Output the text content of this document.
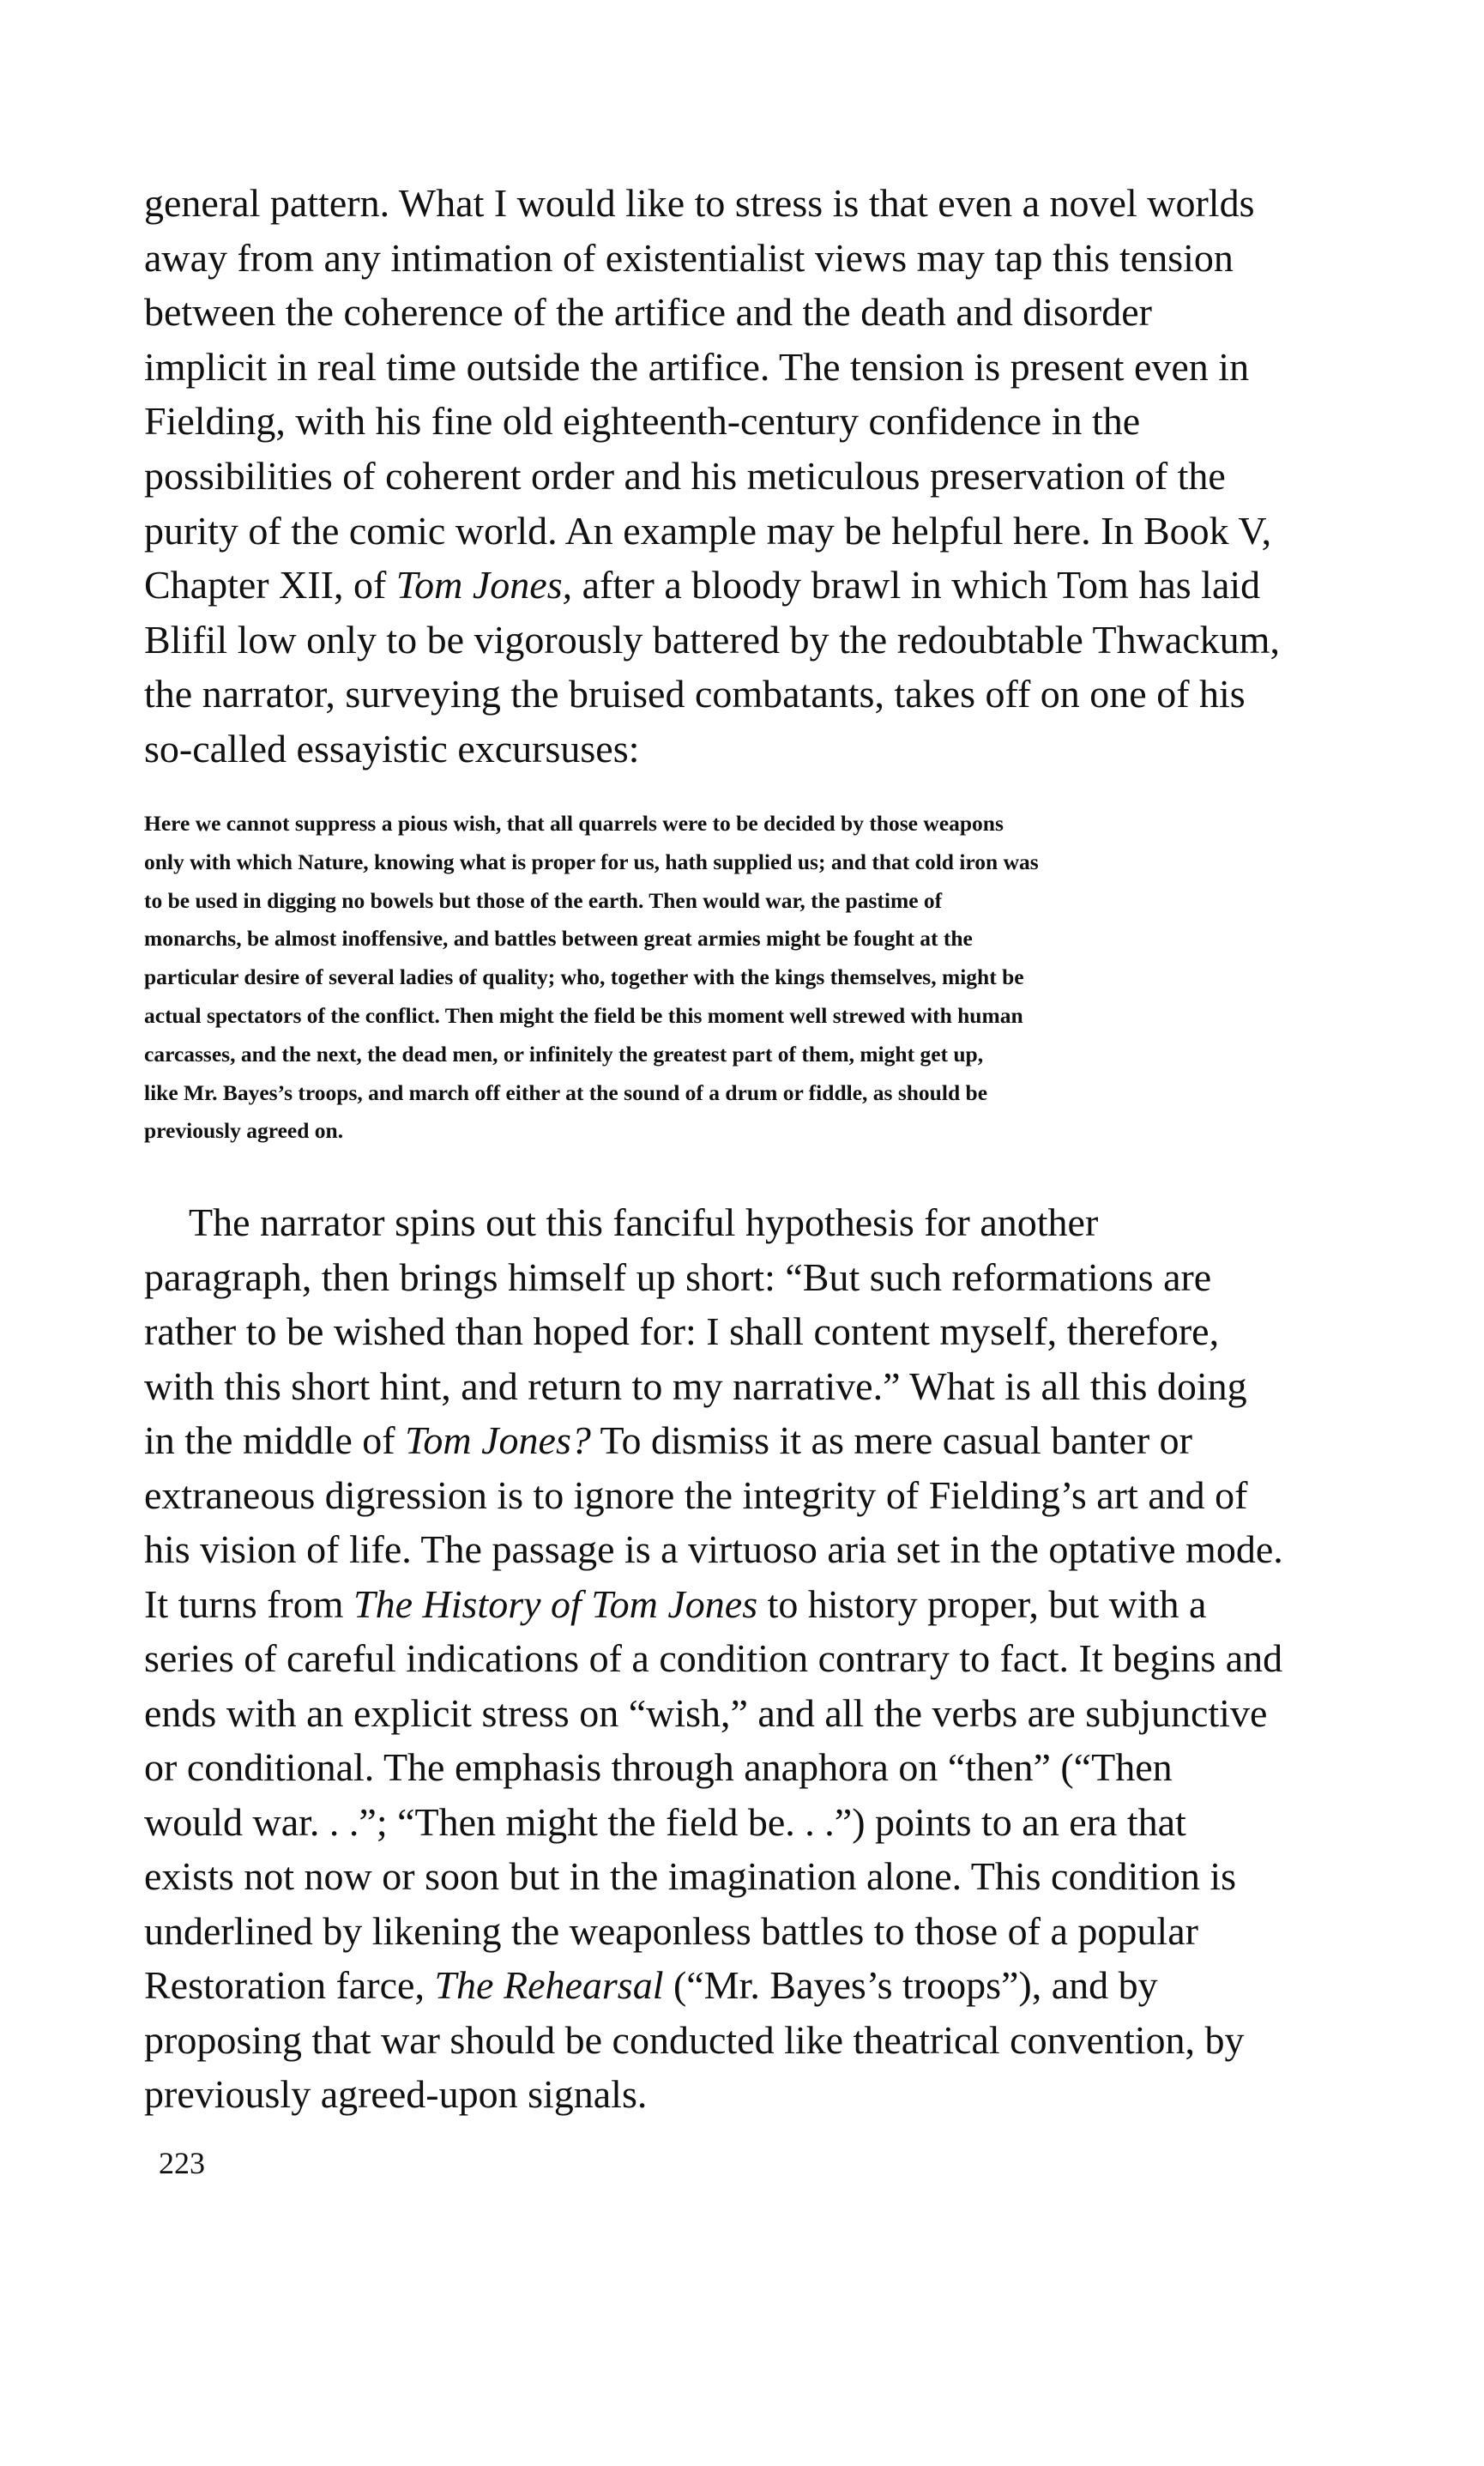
general pattern. What I would like to stress is that even a novel worlds
away from any intimation of existentialist views may tap this tension
between the coherence of the artifice and the death and disorder
implicit in real time outside the artifice. The tension is present even in
Fielding, with his fine old eighteenth-century confidence in the
possibilities of coherent order and his meticulous preservation of the
purity of the comic world. An example may be helpful here. In Book V,
Chapter XII, of Tom Jones, after a bloody brawl in which Tom has laid
Blifil low only to be vigorously battered by the redoubtable Thwackum,
the narrator, surveying the bruised combatants, takes off on one of his
so-called essayistic excursuses:
Here we cannot suppress a pious wish, that all quarrels were to be decided by those weapons
only with which Nature, knowing what is proper for us, hath supplied us; and that cold iron was
to be used in digging no bowels but those of the earth. Then would war, the pastime of
monarchs, be almost inoffensive, and battles between great armies might be fought at the
particular desire of several ladies of quality; who, together with the kings themselves, might be
actual spectators of the conflict. Then might the field be this moment well strewed with human
carcasses, and the next, the dead men, or infinitely the greatest part of them, might get up,
like Mr. Bayes’s troops, and march off either at the sound of a drum or fiddle, as should be
previously agreed on.
The narrator spins out this fanciful hypothesis for another
paragraph, then brings himself up short: “But such reformations are
rather to be wished than hoped for: I shall content myself, therefore,
with this short hint, and return to my narrative.” What is all this doing
in the middle of Tom Jones? To dismiss it as mere casual banter or
extraneous digression is to ignore the integrity of Fielding’s art and of
his vision of life. The passage is a virtuoso aria set in the optative mode.
It turns from The History of Tom Jones to history proper, but with a
series of careful indications of a condition contrary to fact. It begins and
ends with an explicit stress on “wish,” and all the verbs are subjunctive
or conditional. The emphasis through anaphora on “then” (“Then
would war. . .”; “Then might the field be. . .”) points to an era that
exists not now or soon but in the imagination alone. This condition is
underlined by likening the weaponless battles to those of a popular
Restoration farce, The Rehearsal (“Mr. Bayes’s troops”), and by
proposing that war should be conducted like theatrical convention, by
previously agreed-upon signals.
223
